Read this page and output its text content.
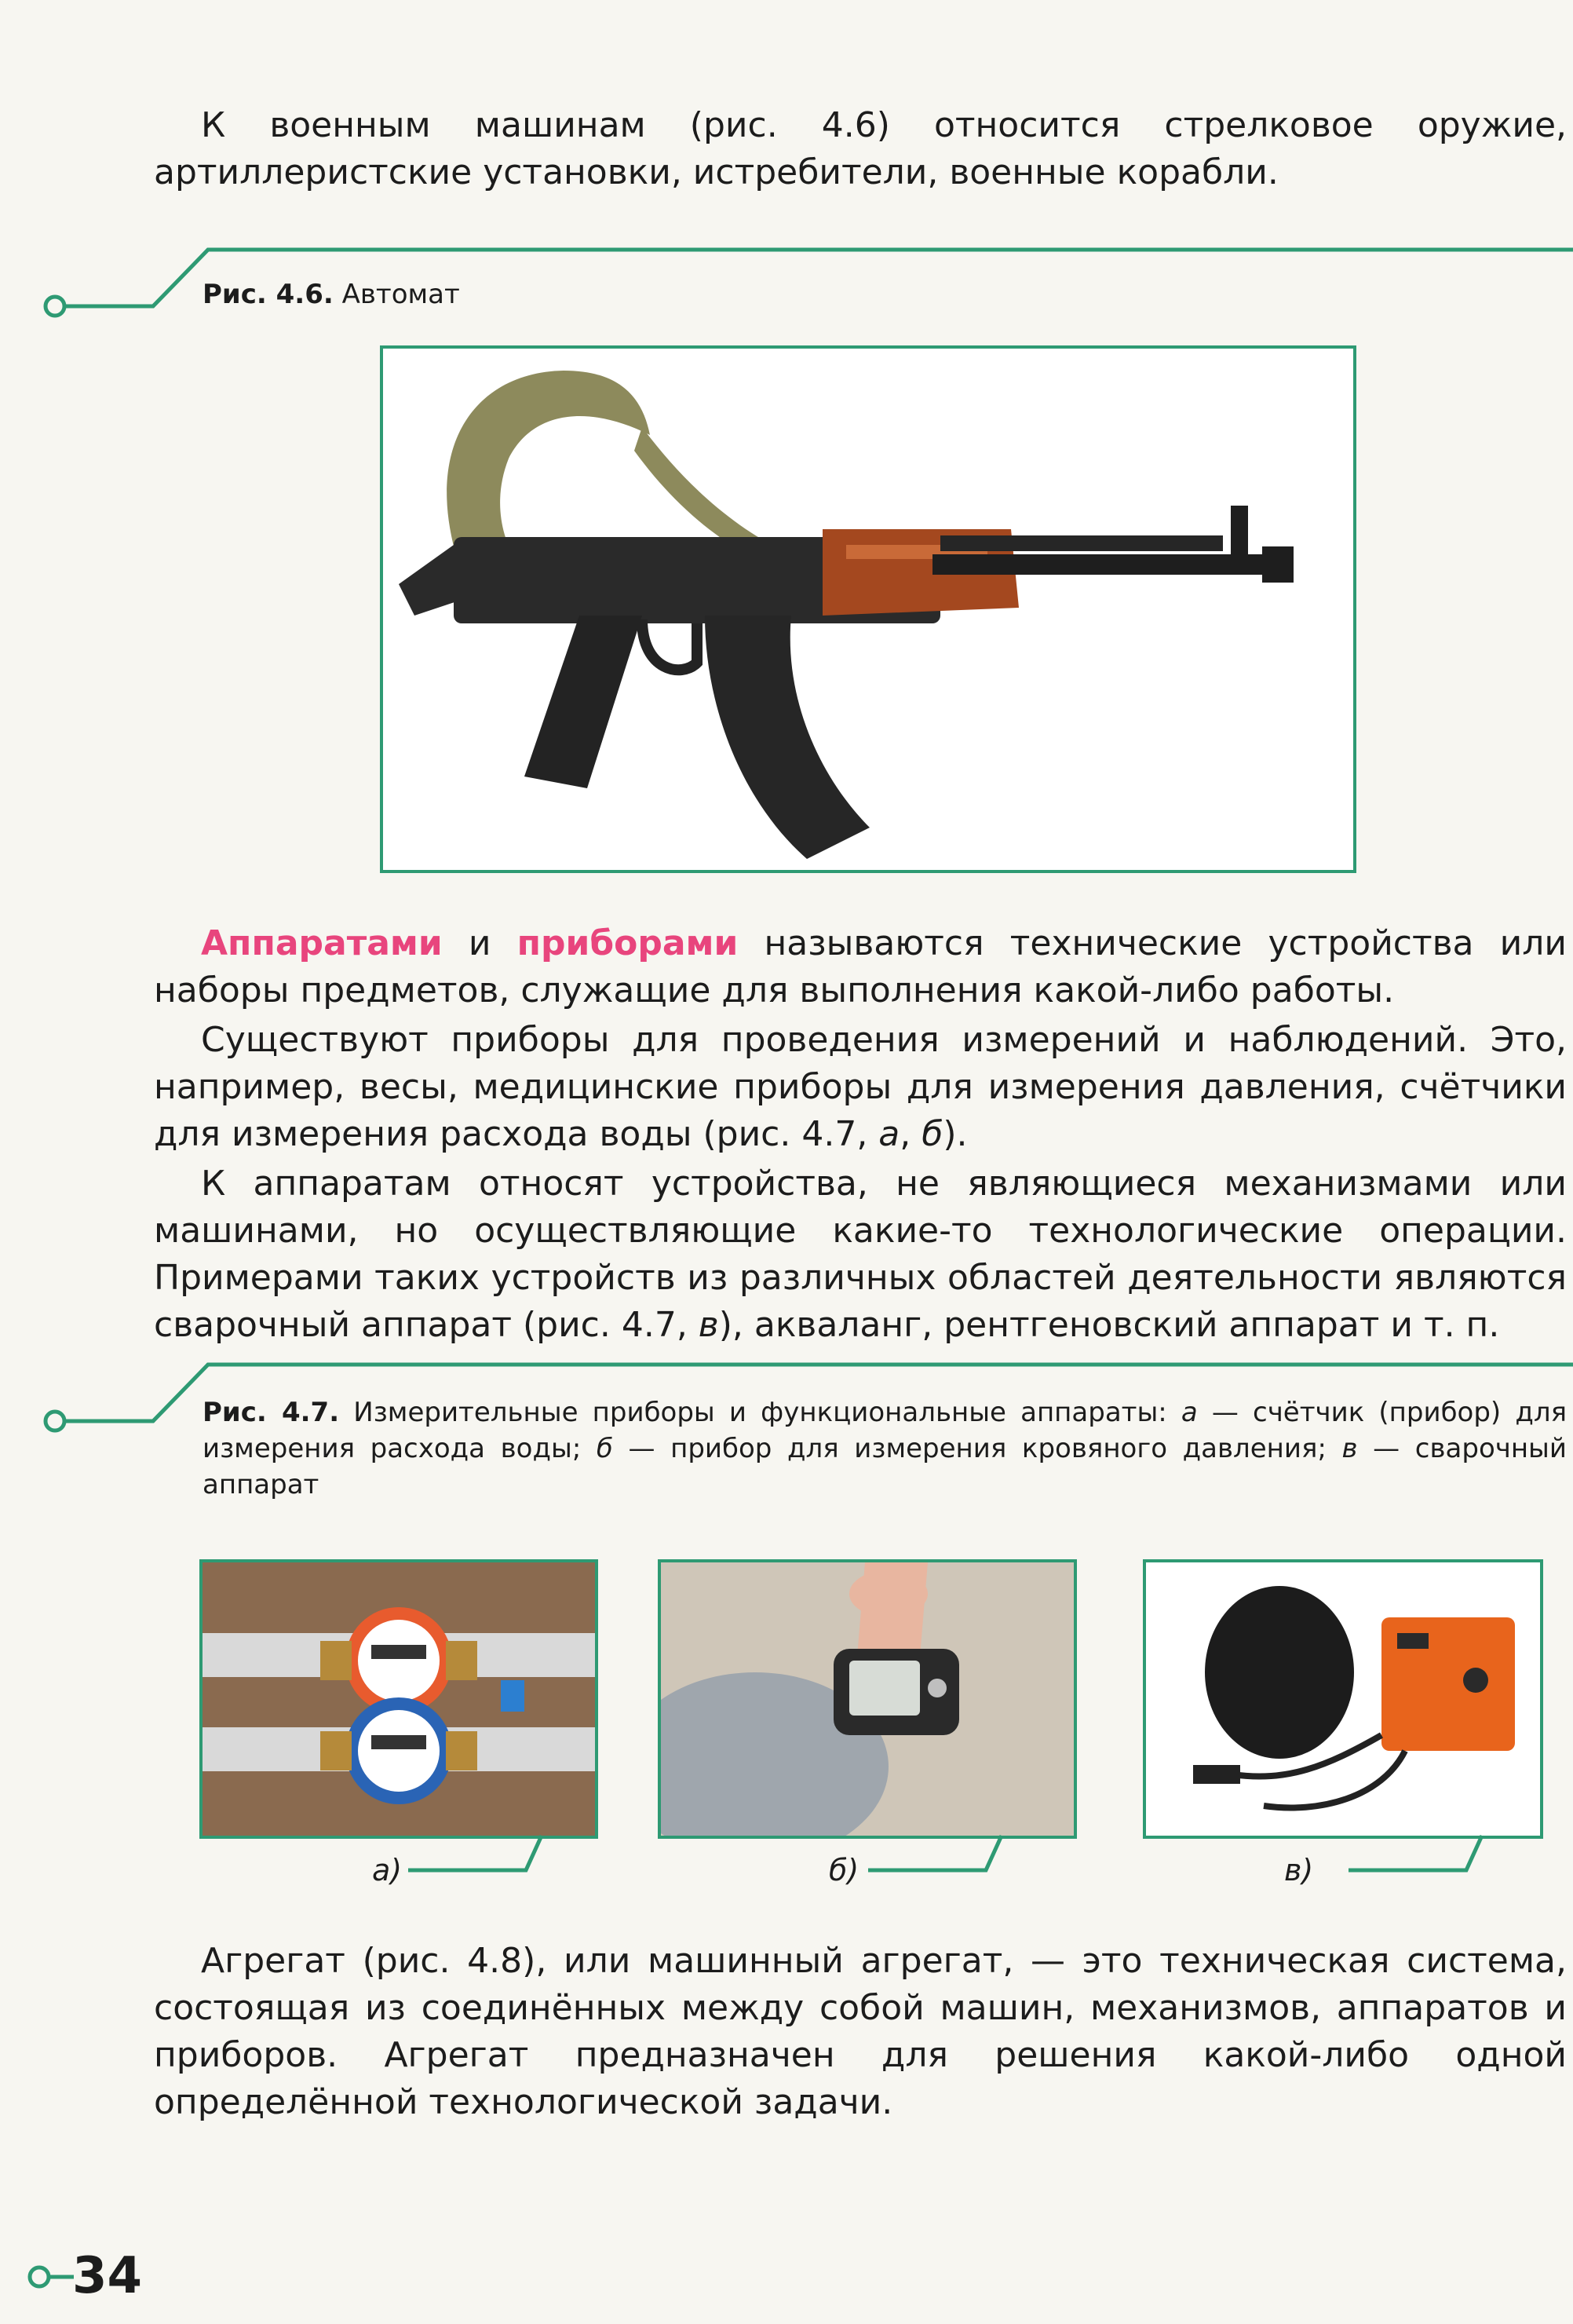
К военным машинам (рис. 4.6) относится стрелковое оружие, артиллеристские установки, истребители, военные корабли.

Рис. 4.6. Автомат

Аппаратами и приборами называются технические устройства или наборы предметов, служащие для выполнения какой-либо работы.

Существуют приборы для проведения измерений и наблюдений. Это, например, весы, медицинские приборы для измерения давления, счётчики для измерения расхода воды (рис. 4.7, а, б).

К аппаратам относят устройства, не являющиеся механизмами или машинами, но осуществляющие какие-то технологические операции. Примерами таких устройств из различных областей деятельности являются сварочный аппарат (рис. 4.7, в), акваланг, рентгеновский аппарат и т. п.

Рис. 4.7. Измерительные приборы и функциональные аппараты: а — счётчик (прибор) для измерения расхода воды; б — прибор для измерения кровяного давления; в — сварочный аппарат
а)	б)	в)

Агрегат (рис. 4.8), или машинный агрегат, — это техническая система, состоящая из соединённых между собой машин, механизмов, аппаратов и приборов. Агрегат предназначен для решения какой-либо одной определённой технологической задачи.

34
